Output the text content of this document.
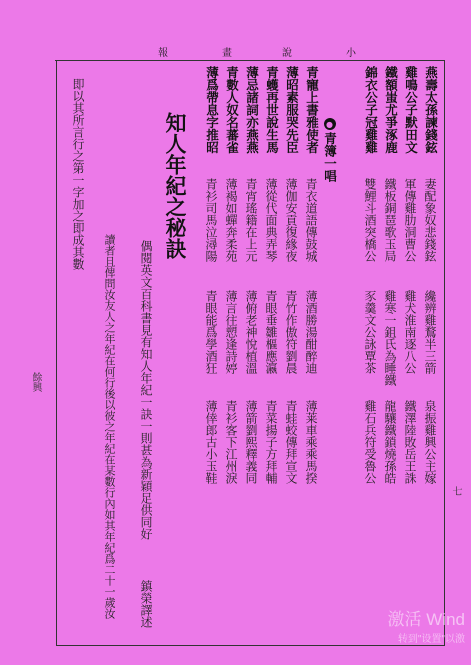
報	畫	說	小
餘興
七
●青簿一唱
燕壽太孫諫錢鉉
妻配象奴悲錢鉉
雞鳴公子默田文
軍傳雞肋洞曹公
鐵額蚩尤爭涿鹿
鐵板銅琶歌玉局
錦衣公子冠雞雞
雙鯉斗酒突橋公
纔辨雞鶩半三箭
雞犬淮南逐八公
雞寒一鉏氏為睡鐵
豕羹文公詠覃茶
泉振雞興公主嫁
鐵澤陸敗岳王誅
龍驤鐵鎖燒孫皓
雞石兵符受魯公
青寵上書雅使者
青衣道語傳鼓城
薄昭素服哭先臣
薄伽安貢復緣夜
青蠖再世說生馬
薄從代面典弄琴
薄忌諸詞亦燕燕
青宵瑤籍在上元
青數人奴名蕃雀
薄褐如蟬奔柔苑
薄爲帶息字推昭
青衫司馬泣潯陽
薄酒勝湯酣醉迪
青竹作傲符劉晨
青眼垂雛樞應瀛
薄俯老神悅植溫
薄言往愬逢詩婷
青眼能爲學酒狂
薄莱車乘乘馬揆
青蛙蛟傳拜宣文
青菜揚子方拜輔
薄箭劉熙釋義同
青衫客下江州淚
薄倖郎古小玉鞋
知人年紀之秘訣
偶閱英文百科書見有知人年紀一訣一則甚為新穎足供同好
鎮榮譯述
讀者且俾問汝友人之年紀在何行後以彼之年紀在某數行內如其年紀爲二十一歲汝
即以其所言行之第一字加之即成其數
激活 Wind
转到"设置"以激
